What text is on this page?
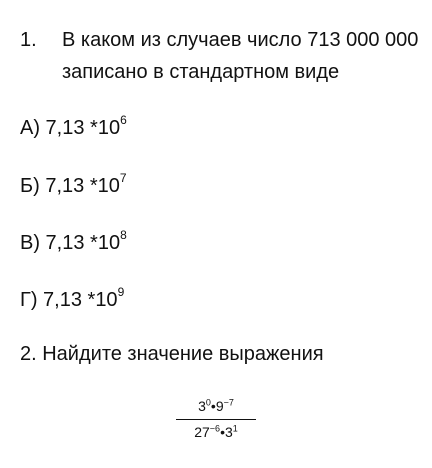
1. В каком из случаев число 713 000 000 записано в стандартном виде
А) 7,13 $*10^6$
Б) 7,13 $*10^7$
В) 7,13 $*10^8$
Г) 7,13 $*10^9$
2. Найдите значение выражения
$3^0•9^{-7}$
$27^{-6}•3^1$
